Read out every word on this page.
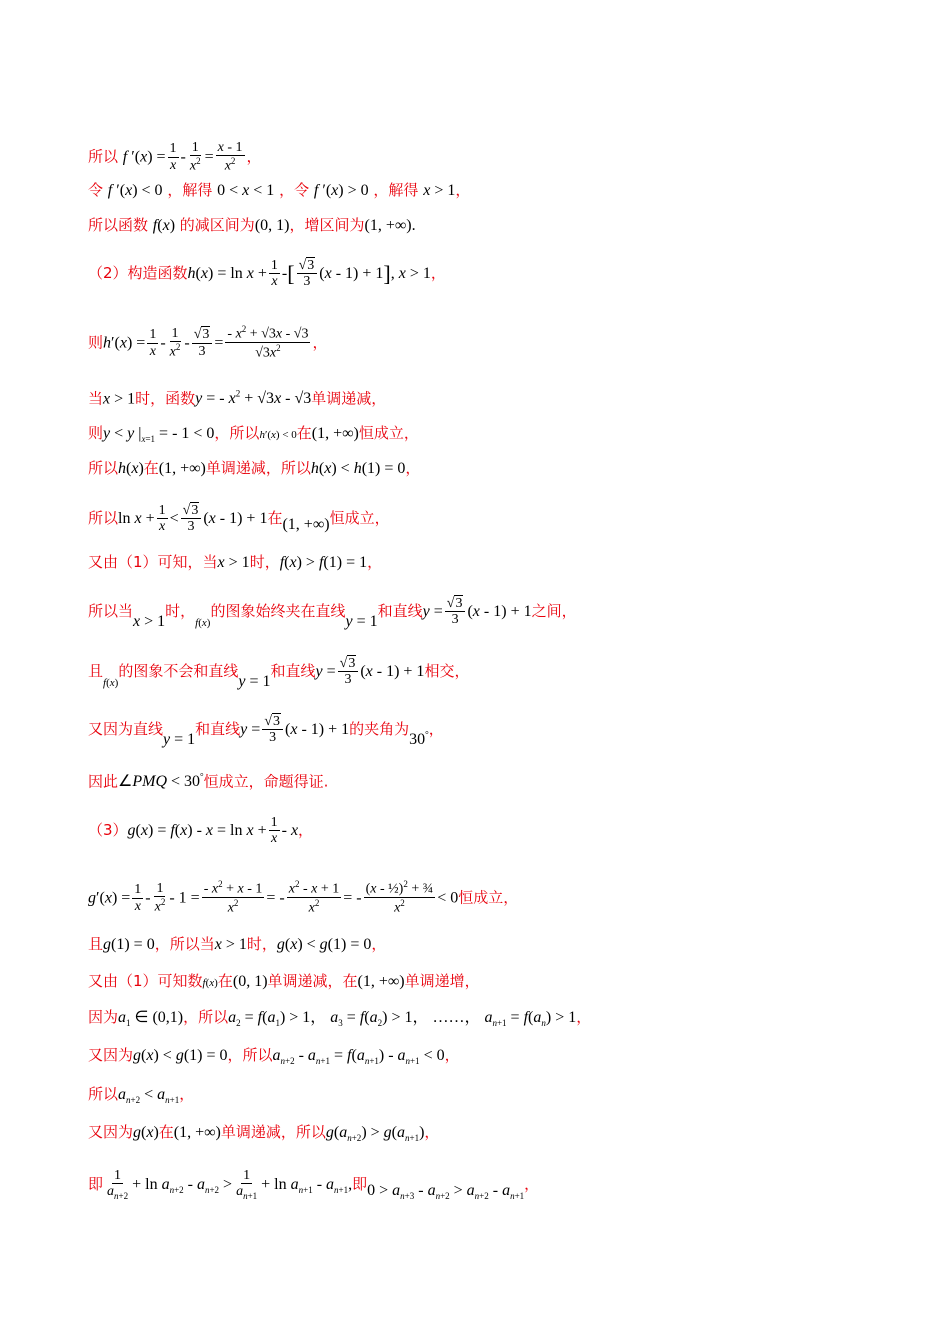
所以 f $'(x) = \frac{1}{x} - \frac{1}{x^2} = \frac{x - 1}{x^2}$ ，
令 f ′(x) < 0 ，解得 0 < x < 1 ，令 f ′(x) > 0 ，解得 x > 1，
所以函数 f(x) 的减区间为(0, 1)，增区间为(1, +∞).
（2）构造函数$h(x) = \ln x + \frac{1}{x}$ -[ $\frac{√3}{3} (x - 1) + 1$], x > 1，
则$h'(x) = \frac{1}{x} - \frac{1}{x^2} - \frac{√3}{3} = \frac{- x^2 + √3x - √3}{√3x^2}$ ，
当x > 1时，函数y = - $x^2 + √3x - √3$单调递减，
则y < y $|_{x=1}$ = - 1 < 0，所以h′(x) < 0在(1, +∞)恒成立，
所以h(x)在(1, +∞)单调递减，所以h(x) < h(1) = 0，
所以$\ln x + \frac{1}{x} < \frac{√3}{3} (x - 1) + 1$在(1, +∞)恒成立，
又由（1）可知，当x > 1时，f(x) > f(1) = 1，
所以当x > 1时，$_{f(x)}$的图象始终夹在直线y = 1和直线$y = \frac{√3}{3} (x - 1) + 1$之间，
且$_{f(x)}$的图象不会和直线y = 1和直线$y = \frac{√3}{3} (x - 1) + 1$相交，
又因为直线y = 1和直线$y = \frac{√3}{3} (x - 1) + 1$的夹角为30°，
因此∠PMQ < 30°恒成立，命题得证.
$(3)g(x) = f(x) - x = \ln x + \frac{1}{x} - x$，
$g'(x) = \frac{1}{x} - \frac{1}{x^2} - 1 = \frac{- x^2 + x - 1}{x^2}$ = - $\frac{x^2 - x + 1}{x^2}$ = - $\frac{(x - \frac{1}{2})^2 + \frac{3}{4}}{x^2} < 0$恒成立，
且g(1) = 0，所以当x > 1时，g(x) < g(1) = 0，
又由（1）可知数f(x)在(0, 1)单调递减，在(1, +∞)单调递增，
因为$a_1$ ∈ (0,1)，所以$a_2 = f(a_1) > 1$， $a_3 = f(a_2) > 1$， ……， $a_{n+1} = f(a_n) > 1$，
又因为g(x) < g(1) = 0，所以$a_{n+2} - a_{n+1} = f(a_{n+1}) - a_{n+1} < 0$，
所以$a_{n+2} < a_{n+1}$，
又因为g(x)在(1, +∞)单调递减，所以$g(a_{n+2}) > g(a_{n+1})$，
即 $\frac{1}{a_{n+2}} + \ln a_{n+2} - a_{n+2} > \frac{1}{a_{n+1}} + \ln a_{n+1} - a_{n+1}$,即$0 > a_{n+3} - a_{n+2} > a_{n+2} - a_{n+1}$，
